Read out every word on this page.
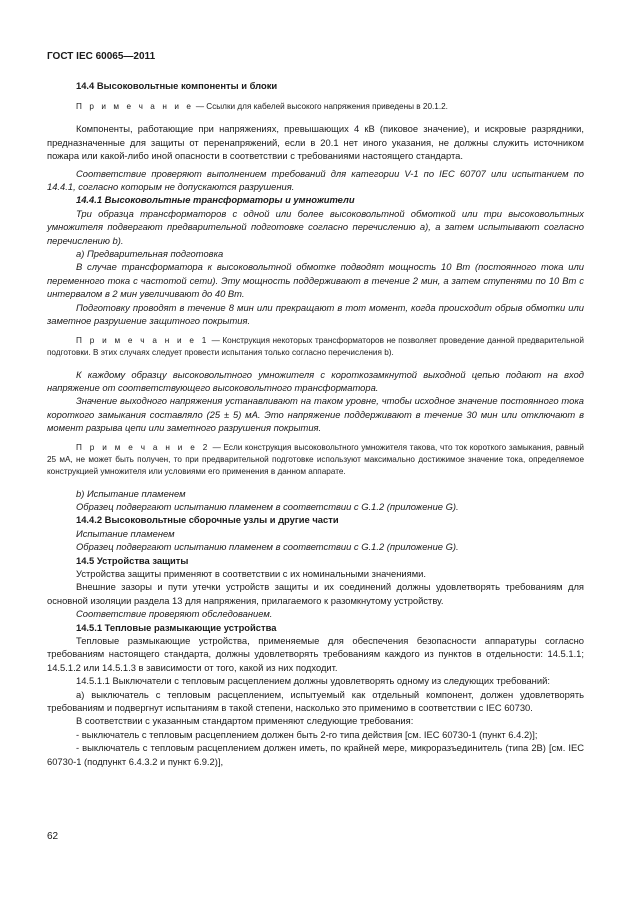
ГОСТ IEC 60065—2011

14.4 Высоковольтные компоненты и блоки

П р и м е ч а н и е — Ссылки для кабелей высокого напряжения приведены в 20.1.2.

Компоненты, работающие при напряжениях, превышающих 4 кВ (пиковое значение), и искровые разрядники, предназначенные для защиты от перенапряжений, если в 20.1 нет иного указания, не должны служить источником пожара или какой-либо иной опасности в соответствии с требованиями настоящего стандарта.

Соответствие проверяют выполнением требований для категории V-1 по IEC 60707 или испытанием по 14.4.1, согласно которым не допускаются разрушения.

14.4.1 Высоковольтные трансформаторы и умножители

Три образца трансформаторов с одной или более высоковольтной обмоткой или три высоковольтных умножителя подвергают предварительной подготовке согласно перечислению а), а затем испытывают согласно перечислению b).

а) Предварительная подготовка

В случае трансформатора к высоковольтной обмотке подводят мощность 10 Вт (постоянного тока или переменного тока с частотой сети). Эту мощность поддерживают в течение 2 мин, а затем ступенями по 10 Вт с интервалом в 2 мин увеличивают до 40 Вт.

Подготовку проводят в течение 8 мин или прекращают в тот момент, когда происходит обрыв обмотки или заметное разрушение защитного покрытия.

П р и м е ч а н и е 1 — Конструкция некоторых трансформаторов не позволяет проведение данной предварительной подготовки. В этих случаях следует провести испытания только согласно перечисления b).

К каждому образцу высоковольтного умножителя с короткозамкнутой выходной цепью подают на вход напряжение от соответствующего высоковольтного трансформатора.

Значение выходного напряжения устанавливают на таком уровне, чтобы исходное значение постоянного тока короткого замыкания составляло (25 ± 5) мА. Это напряжение поддерживают в течение 30 мин или отключают в момент разрыва цепи или заметного разрушения покрытия.

П р и м е ч а н и е 2 — Если конструкция высоковольтного умножителя такова, что ток короткого замыкания, равный 25 мА, не может быть получен, то при предварительной подготовке используют максимально достижимое значение тока, определяемое конструкцией умножителя или условиями его применения в данном аппарате.

b) Испытание пламенем

Образец подвергают испытанию пламенем в соответствии с G.1.2 (приложение G).

14.4.2 Высоковольтные сборочные узлы и другие части

Испытание пламенем

Образец подвергают испытанию пламенем в соответствии с G.1.2 (приложение G).

14.5 Устройства защиты

Устройства защиты применяют в соответствии с их номинальными значениями.

Внешние зазоры и пути утечки устройств защиты и их соединений должны удовлетворять требованиям для основной изоляции раздела 13 для напряжения, прилагаемого к разомкнутому устройству.

Соответствие проверяют обследованием.

14.5.1 Тепловые размыкающие устройства

Тепловые размыкающие устройства, применяемые для обеспечения безопасности аппаратуры согласно требованиям настоящего стандарта, должны удовлетворять требованиям каждого из пунктов в отдельности: 14.5.1.1; 14.5.1.2 или 14.5.1.3 в зависимости от того, какой из них подходит.

14.5.1.1 Выключатели с тепловым расцеплением должны удовлетворять одному из следующих требований:

а) выключатель с тепловым расцеплением, испытуемый как отдельный компонент, должен удовлетворять требованиям и подвергнут испытаниям в такой степени, насколько это применимо в соответствии с IEC 60730.

В соответствии с указанным стандартом применяют следующие требования:

- выключатель с тепловым расцеплением должен быть 2-го типа действия [см. IEC 60730-1 (пункт 6.4.2)];

- выключатель с тепловым расцеплением должен иметь, по крайней мере, микроразъединитель (типа 2В) [см. IEC 60730-1 (подпункт 6.4.3.2 и пункт 6.9.2)],

62
